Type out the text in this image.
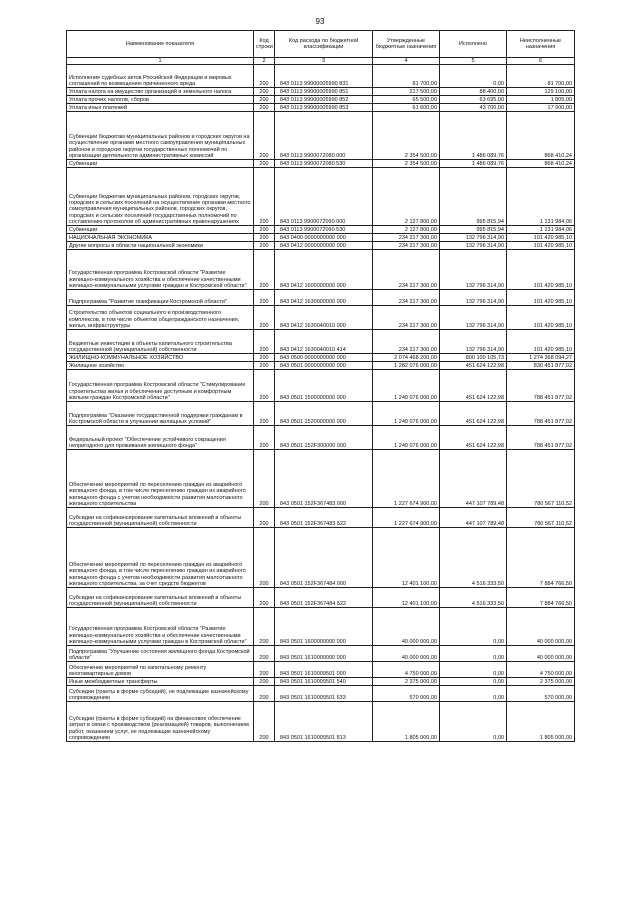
93
Наименование показателя	Код строки	Код расхода по бюджетной классификации	Утвержденные бюджетные назначения	Исполнено	Неисполненные назначения
1	2	3	4	5	6
Исполнение судебных актов Российской Федерации и мировых соглашений по возмещению причиненного вреда	200	843 0113 99000005990 831	81 700,00	0,00	81 700,00
Уплата налога на имущество организаций и земельного налога	200	843 0113 99000005990 851	217 500,00	88 400,00	129 100,00
Уплата прочих налогов, сборов	200	843 0113 99000005990 852	65 500,00	63 695,00	1 805,00
Уплата иных платежей	200	843 0113 99000005990 853	61 600,00	43 700,00	17 900,00
Субвенции бюджетам муниципальных районов и городских округов на осуществление органами местного самоуправления муниципальных районов и городских округов государственных полномочий по организации деятельности административных комиссий	200	843 0113 9900072080 000	2 354 500,00	1 486 089,76	868 410,24
Субвенции	200	843 0113 9900072080 530	2 354 500,00	1 486 089,76	868 410,24
Субвенции бюджетам муниципальных районов, городских округов, городских и сельских поселений на осуществление органами местного самоуправления муниципальных районов, городских округов, городских и сельских поселений государственных полномочий по составлению протоколов об административных правонарушениях	200	843 0113 9900072090 000	2 127 800,00	995 815,94	1 131 984,06
Субвенции	200	843 0113 9900072090 530	2 127 800,00	995 815,94	1 131 984,06
НАЦИОНАЛЬНАЯ ЭКОНОМИКА	200	843 0400 0000000000 000	234 217 300,00	132 796 314,90	101 420 985,10
Другие вопросы в области национальной экономики	200	843 0412 0000000000 000	234 217 300,00	132 796 314,90	101 420 985,10
Государственная программа Костромской области "Развитие жилищно-коммунального хозяйства и обеспечение качественными жилищно-коммунальными услугами граждан в Костромской области"	200	843 0412 1600000000 000	234 217 300,00	132 796 314,90	101 420 985,10
Подпрограмма "Развитие газификации Костромской области"	200	843 0412 1630000000 000	234 217 300,00	132 796 314,90	101 420 985,10
Строительство объектов социального и производственного комплексов, в том числе объектов общегражданского назначения, жилья, инфраструктуры	200	843 0412 1630040010 000	234 217 300,00	132 796 314,90	101 420 985,10
Бюджетные инвестиции в объекты капитального строительства государственной (муниципальной) собственности	200	843 0412 1630040010 414	234 217 300,00	132 796 314,90	101 420 985,10
ЖИЛИЩНО-КОММУНАЛЬНОЕ ХОЗЯЙСТВО	200	843 0500 0000000000 000	2 074 468 200,00	800 100 105,73	1 274 368 094,27
Жилищное хозяйство	200	843 0501 0000000000 000	1 282 076 000,00	451 624 122,98	830 451 877,02
Государственная программа Костромской области "Стимулирование строительства жилья и обеспечение доступным и комфортным жильем граждан Костромской области"	200	843 0501 1500000000 000	1 240 076 000,00	451 624 122,98	788 451 877,02
Подпрограмма "Оказание государственной поддержки гражданам в Костромской области в улучшении жилищных условий"	200	843 0501 1520000000 000	1 240 076 000,00	451 624 122,98	788 451 877,02
Федеральный проект "Обеспечение устойчивого сокращения непригодного для проживания жилищного фонда"	200	843 0501 152F300000 000	1 240 076 000,00	451 624 122,98	788 451 877,02
Обеспечение мероприятий по переселению граждан из аварийного жилищного фонда, в том числе переселению граждан из аварийного жилищного фонда с учетом необходимости развития малоэтажного жилищного строительства	200	843 0501 152F367483 000	1 227 674 900,00	447 107 789,48	780 567 110,52
Субсидии на софинансирование капитальных вложений в объекты государственной (муниципальной) собственности	200	843 0501 152F367483 522	1 227 674 900,00	447 107 789,48	780 567 110,52
Обеспечение мероприятий по переселению граждан из аварийного жилищного фонда, в том числе переселению граждан из аварийного жилищного фонда с учетом необходимости развития малоэтажного жилищного строительства, за счет средств бюджетов	200	843 0501 152F367484 000	12 401 100,00	4 516 333,50	7 884 766,50
Субсидии на софинансирование капитальных вложений в объекты государственной (муниципальной) собственности	200	843 0501 152F367484 522	12 401 100,00	4 516 333,50	7 884 766,50
Государственная программа Костромской области "Развитие жилищно-коммунального хозяйства и обеспечение качественными жилищно-коммунальными услугами граждан в Костромской области"	200	843 0501 1600000000 000	40 000 000,00	0,00	40 000 000,00
Подпрограмма "Улучшение состояния жилищного фонда Костромской области"	200	843 0501 1610000000 000	40 000 000,00	0,00	40 000 000,00
Обеспечение мероприятий по капитальному ремонту многоквартирных домов	200	843 0501 1610009501 000	4 750 000,00	0,00	4 750 000,00
Иные межбюджетные трансферты	200	843 0501 1610009501 540	2 375 000,00	0,00	2 375 000,00
Субсидии (гранты в форме субсидий), не подлежащие казначейскому сопровождению	200	843 0501 1610009501 633	570 000,00	0,00	570 000,00
Субсидии (гранты в форме субсидий) на финансовое обеспечение затрат в связи с производством (реализацией) товаров, выполнением работ, оказанием услуг, не подлежащие казначейскому сопровождению	200	843 0501 1610009501 813	1 805 000,00	0,00	1 805 000,00
